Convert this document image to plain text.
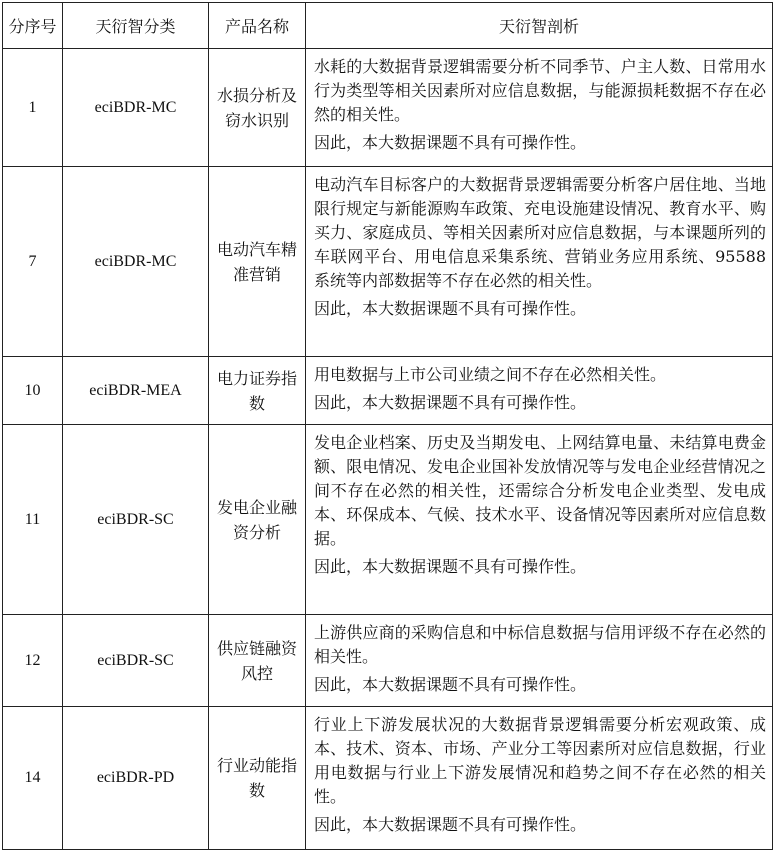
分序号	天衍智分类	产品名称	天衍智剖析
1	eciBDR-MC	水损分析及窃水识别	水耗的大数据背景逻辑需要分析不同季节、户主人数、日常用水行为类型等相关因素所对应信息数据，与能源损耗数据不存在必然的相关性。

因此，本大数据课题不具有可操作性。

7	eciBDR-MC	电动汽车精准营销	电动汽车目标客户的大数据背景逻辑需要分析客户居住地、当地限行规定与新能源购车政策、充电设施建设情况、教育水平、购买力、家庭成员、等相关因素所对应信息数据，与本课题所列的车联网平台、用电信息采集系统、营销业务应用系统、95588 系统等内部数据等不存在必然的相关性。

因此，本大数据课题不具有可操作性。

10	eciBDR-MEA	电力证券指数	用电数据与上市公司业绩之间不存在必然相关性。

因此，本大数据课题不具有可操作性。

11	eciBDR-SC	发电企业融资分析	发电企业档案、历史及当期发电、上网结算电量、未结算电费金额、限电情况、发电企业国补发放情况等与发电企业经营情况之间不存在必然的相关性，还需综合分析发电企业类型、发电成本、环保成本、气候、技术水平、设备情况等因素所对应信息数据。

因此，本大数据课题不具有可操作性。

12	eciBDR-SC	供应链融资风控	上游供应商的采购信息和中标信息数据与信用评级不存在必然的相关性。

因此，本大数据课题不具有可操作性。

14	eciBDR-PD	行业动能指数	行业上下游发展状况的大数据背景逻辑需要分析宏观政策、成本、技术、资本、市场、产业分工等因素所对应信息数据，行业用电数据与行业上下游发展情况和趋势之间不存在必然的相关性。

因此，本大数据课题不具有可操作性。
